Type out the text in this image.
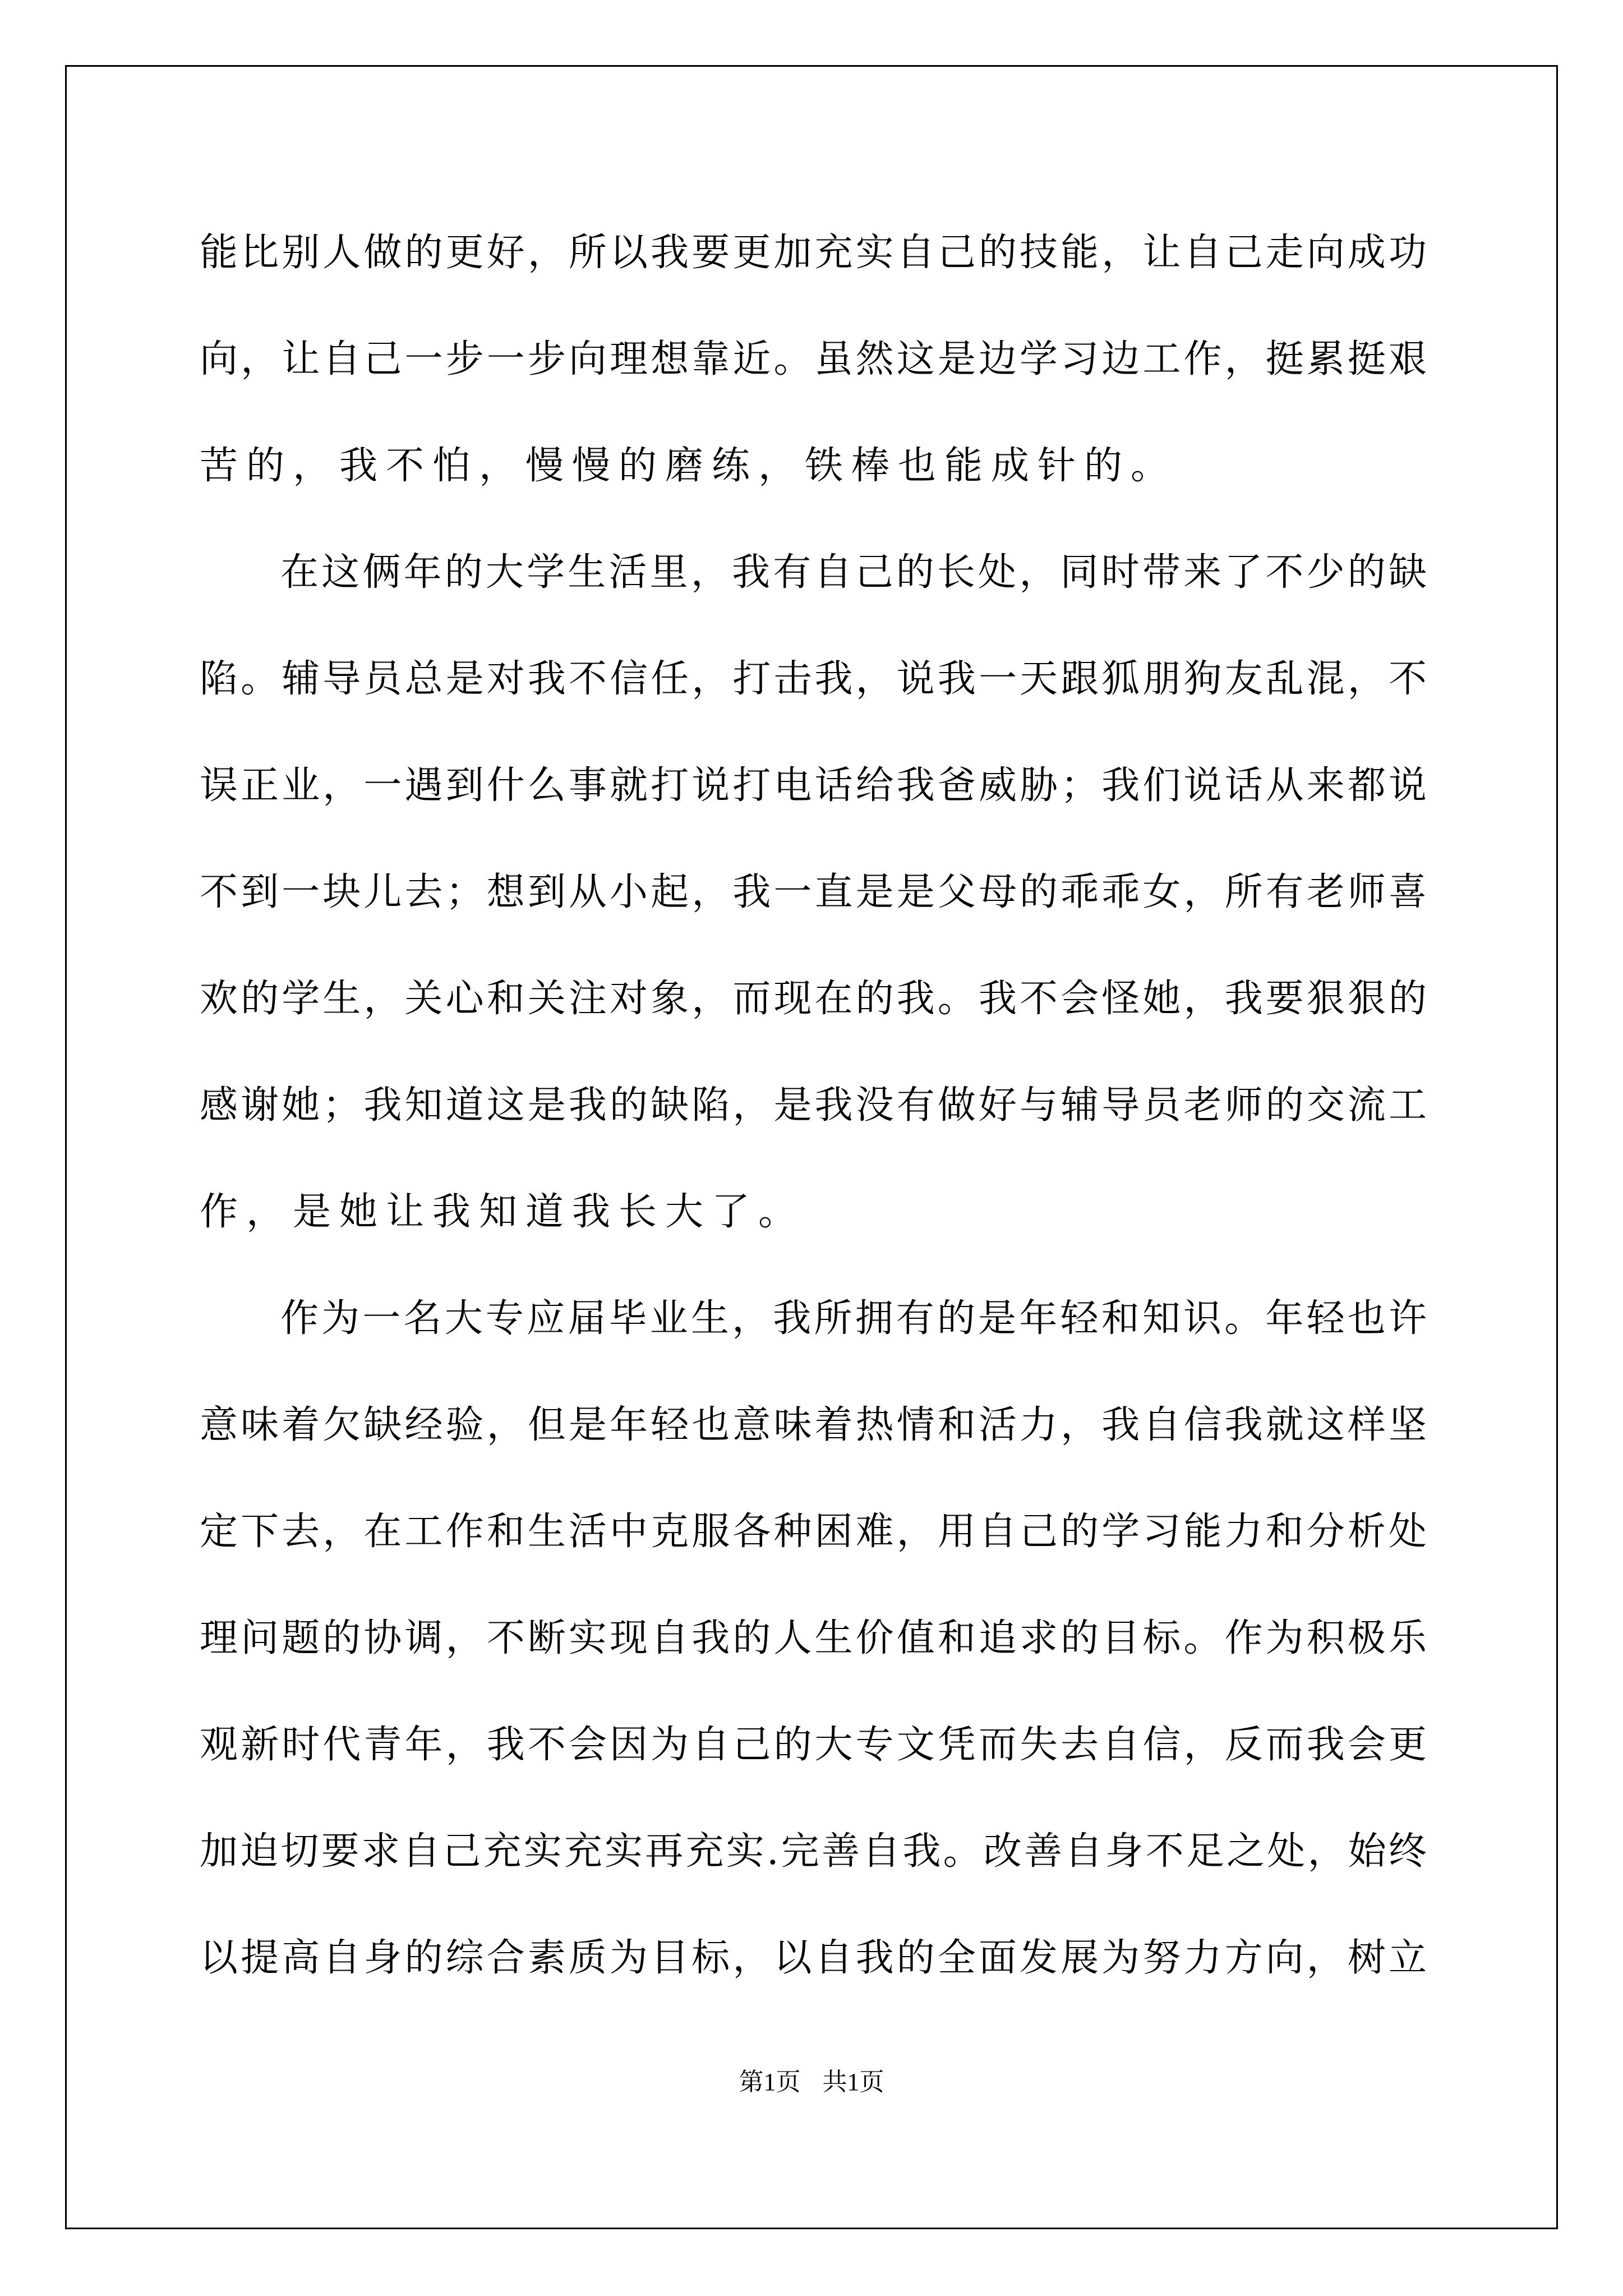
能比别人做的更好，所以我要更加充实自己的技能，让自己走向成功
向，让自己一步一步向理想靠近。虽然这是边学习边工作，挺累挺艰
苦的，我不怕，慢慢的磨练，铁棒也能成针的。
在这俩年的大学生活里，我有自己的长处，同时带来了不少的缺
陷。辅导员总是对我不信任，打击我，说我一天跟狐朋狗友乱混，不
误正业，一遇到什么事就打说打电话给我爸威胁；我们说话从来都说
不到一块儿去；想到从小起，我一直是是父母的乖乖女，所有老师喜
欢的学生，关心和关注对象，而现在的我。我不会怪她，我要狠狠的
感谢她；我知道这是我的缺陷，是我没有做好与辅导员老师的交流工
作，是她让我知道我长大了。
作为一名大专应届毕业生，我所拥有的是年轻和知识。年轻也许
意味着欠缺经验，但是年轻也意味着热情和活力，我自信我就这样坚
定下去，在工作和生活中克服各种困难，用自己的学习能力和分析处
理问题的协调，不断实现自我的人生价值和追求的目标。作为积极乐
观新时代青年，我不会因为自己的大专文凭而失去自信，反而我会更
加迫切要求自己充实充实再充实.完善自我。改善自身不足之处，始终
以提高自身的综合素质为目标，以自我的全面发展为努力方向，树立
第1页 共1页
